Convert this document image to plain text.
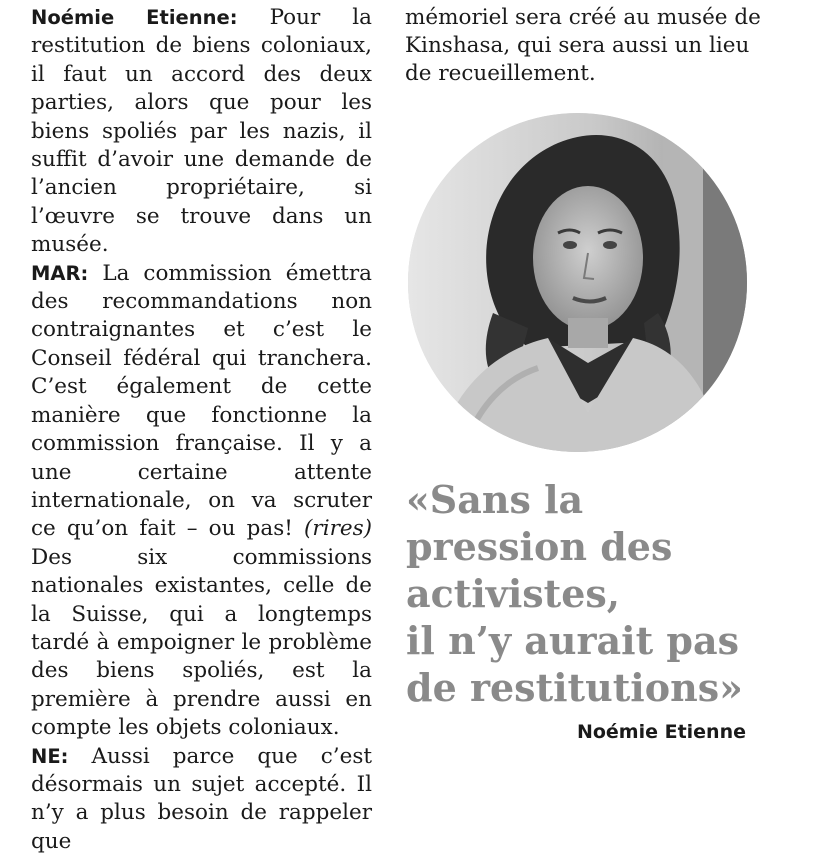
Noémie Etienne: Pour la restitution de biens coloniaux, il faut un accord des deux parties, alors que pour les biens spoliés par les nazis, il suffit d’avoir une demande de l’ancien propriétaire, si l’œuvre se trouve dans un musée.

MAR: La commission émettra des recommandations non contraignantes et c’est le Conseil fédéral qui tranchera. C’est également de cette manière que fonctionne la commission française. Il y a une certaine attente internationale, on va scruter ce qu’on fait – ou pas! (rires) Des six commissions nationales existantes, celle de la Suisse, qui a longtemps tardé à empoigner le problème des biens spoliés, est la première à prendre aussi en compte les objets coloniaux.

NE: Aussi parce que c’est désormais un sujet accepté. Il n’y a plus besoin de rappeler que

mémoriel sera créé au musée de
Kinshasa, qui sera aussi un lieu
de recueillement.
«Sans la
pression des
activistes,
il n’y aurait pas
de restitutions»
Noémie Etienne
